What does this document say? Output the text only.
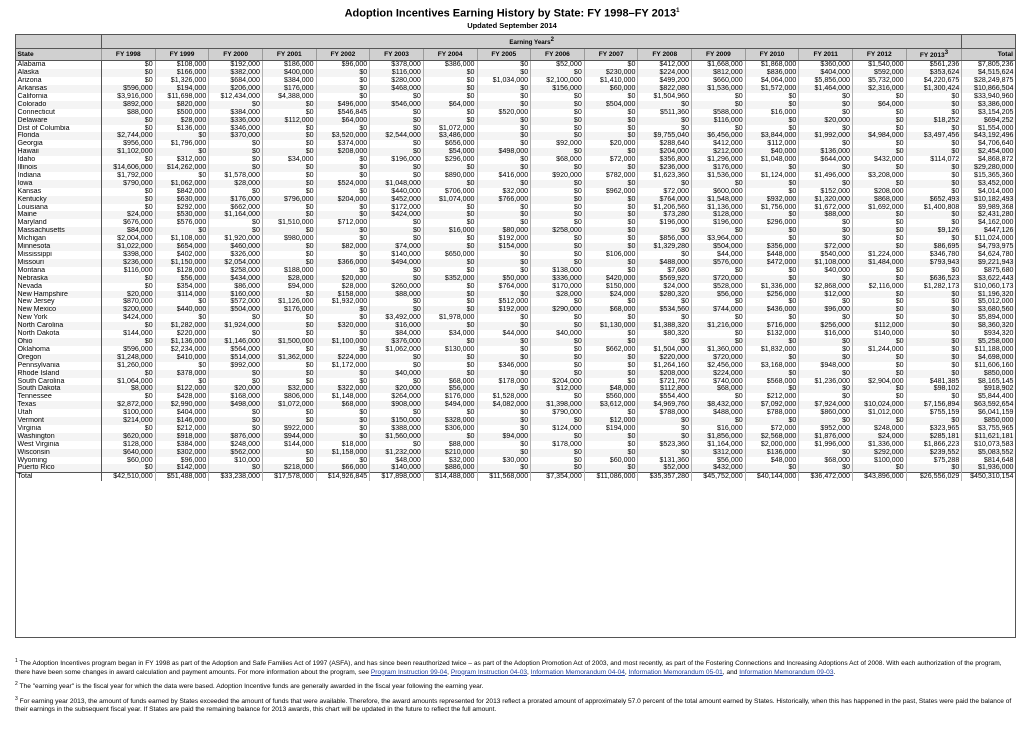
Adoption Incentives Earning History by State: FY 1998–FY 2013$^1$
Updated September 2014
	Earning Years$^2$	
State	FY 1998	FY 1999	FY 2000	FY 2001	FY 2002	FY 2003	FY 2004	FY 2005	FY 2006	FY 2007	FY 2008	FY 2009	FY 2010	FY 2011	FY 2012	FY 2013$^3$	Total
Alabama	$0	$108,000	$192,000	$186,000	$96,000	$378,000	$386,000	$0	$52,000	$0	$412,000	$1,668,000	$1,868,000	$360,000	$1,540,000	$561,236	$7,805,236
Alaska	$0	$166,000	$382,000	$400,000	$0	$116,000	$0	$0	$0	$230,000	$224,000	$812,000	$836,000	$404,000	$592,000	$353,624	$4,515,624
Arizona	$0	$1,326,000	$684,000	$384,000	$0	$280,000	$0	$1,034,000	$2,100,000	$1,410,000	$499,200	$660,000	$4,064,000	$5,856,000	$5,732,000	$4,220,675	$28,249,875
Arkansas	$596,000	$194,000	$206,000	$176,000	$0	$468,000	$0	$0	$156,000	$60,000	$822,080	$1,536,000	$1,572,000	$1,464,000	$2,316,000	$1,300,424	$10,866,504
California	$3,916,000	$11,698,000	$12,434,000	$4,388,000	$0	$0	$0	$0	$0	$0	$1,504,960	$0	$0	$0	$0	$0	$33,940,960
Colorado	$892,000	$820,000	$0	$0	$496,000	$546,000	$64,000	$0	$0	$504,000	$0	$0	$0	$0	$64,000	$0	$3,386,000
Connecticut	$88,000	$500,000	$384,000	$0	$546,845	$0	$0	$520,000	$0	$0	$511,360	$588,000	$16,000	$0	$0	$0	$3,154,205
Delaware	$0	$28,000	$336,000	$112,000	$64,000	$0	$0	$0	$0	$0	$0	$116,000	$0	$20,000	$0	$18,252	$694,252
Dist of Columbia	$0	$136,000	$346,000	$0	$0	$0	$1,072,000	$0	$0	$0	$0	$0	$0	$0	$0	$0	$1,554,000
Florida	$2,744,000	$0	$370,000	$0	$3,520,000	$2,544,000	$3,486,000	$0	$0	$0	$9,755,040	$6,456,000	$3,844,000	$1,992,000	$4,984,000	$3,497,456	$43,192,496
Georgia	$956,000	$1,796,000	$0	$0	$374,000	$0	$656,000	$0	$92,000	$20,000	$288,640	$412,000	$112,000	$0	$0	$0	$4,706,640
Hawaii	$1,102,000	$0	$0	$0	$208,000	$0	$54,000	$498,000	$0	$0	$204,000	$212,000	$40,000	$136,000	$0	$0	$2,454,000
Idaho	$0	$312,000	$0	$34,000	$0	$196,000	$296,000	$0	$68,000	$72,000	$356,800	$1,296,000	$1,048,000	$644,000	$432,000	$114,072	$4,868,872
Illinois	$14,606,000	$14,262,000	$0	$0	$0	$0	$0	$0	$0	$0	$236,000	$176,000	$0	$0	$0	$0	$29,280,000
Indiana	$1,792,000	$0	$1,578,000	$0	$0	$0	$890,000	$416,000	$920,000	$782,000	$1,623,360	$1,536,000	$1,124,000	$1,496,000	$3,208,000	$0	$15,365,360
Iowa	$790,000	$1,062,000	$28,000	$0	$524,000	$1,048,000	$0	$0	$0	$0	$0	$0	$0	$0	$0	$0	$3,452,000
Kansas	$0	$842,000	$0	$0	$0	$440,000	$706,000	$32,000	$0	$962,000	$72,000	$600,000	$0	$152,000	$208,000	$0	$4,014,000
Kentucky	$0	$630,000	$176,000	$796,000	$204,000	$452,000	$1,074,000	$766,000	$0	$0	$764,000	$1,548,000	$932,000	$1,320,000	$868,000	$652,493	$10,182,493
Louisiana	$0	$292,000	$662,000	$0	$0	$172,000	$0	$0	$0	$0	$1,206,560	$1,136,000	$1,756,000	$1,672,000	$1,692,000	$1,400,808	$9,989,368
Maine	$24,000	$530,000	$1,164,000	$0	$0	$424,000	$0	$0	$0	$0	$73,280	$128,000	$0	$88,000	$0	$0	$2,431,280
Maryland	$676,000	$576,000	$0	$1,510,000	$712,000	$0	$0	$0	$0	$0	$196,000	$196,000	$296,000	$0	$0	$0	$4,162,000
Massachusetts	$84,000	$0	$0	$0	$0	$0	$16,000	$80,000	$258,000	$0	$0	$0	$0	$0	$0	$9,126	$447,126
Michigan	$2,004,000	$1,108,000	$1,920,000	$980,000	$0	$0	$0	$192,000	$0	$0	$856,000	$3,964,000	$0	$0	$0	$0	$11,024,000
Minnesota	$1,022,000	$654,000	$460,000	$0	$82,000	$74,000	$0	$154,000	$0	$0	$1,329,280	$504,000	$356,000	$72,000	$0	$86,695	$4,793,975
Mississippi	$398,000	$402,000	$326,000	$0	$0	$140,000	$650,000	$0	$0	$106,000	$0	$44,000	$448,000	$540,000	$1,224,000	$346,780	$4,624,780
Missouri	$236,000	$1,150,000	$2,054,000	$0	$366,000	$494,000	$0	$0	$0	$0	$488,000	$576,000	$472,000	$1,108,000	$1,484,000	$793,943	$9,221,943
Montana	$116,000	$128,000	$258,000	$188,000	$0	$0	$0	$0	$138,000	$0	$7,680	$0	$0	$40,000	$0	$0	$875,680
Nebraska	$0	$56,000	$434,000	$28,000	$20,000	$0	$352,000	$50,000	$336,000	$420,000	$569,920	$720,000	$0	$0	$0	$636,523	$3,622,443
Nevada	$0	$354,000	$86,000	$94,000	$28,000	$260,000	$0	$764,000	$170,000	$150,000	$24,000	$528,000	$1,336,000	$2,868,000	$2,116,000	$1,282,173	$10,060,173
New Hampshire	$20,000	$114,000	$160,000	$0	$158,000	$88,000	$0	$0	$28,000	$24,000	$280,320	$56,000	$256,000	$12,000	$0	$0	$1,196,320
New Jersey	$870,000	$0	$572,000	$1,126,000	$1,932,000	$0	$0	$512,000	$0	$0	$0	$0	$0	$0	$0	$0	$5,012,000
New Mexico	$200,000	$440,000	$504,000	$176,000	$0	$0	$0	$192,000	$290,000	$68,000	$534,560	$744,000	$436,000	$96,000	$0	$0	$3,680,560
New York	$424,000	$0	$0	$0	$0	$3,492,000	$1,978,000	$0	$0	$0	$0	$0	$0	$0	$0	$0	$5,894,000
North Carolina	$0	$1,282,000	$1,924,000	$0	$320,000	$16,000	$0	$0	$0	$1,130,000	$1,388,320	$1,216,000	$716,000	$256,000	$112,000	$0	$8,360,320
North Dakota	$144,000	$220,000	$0	$0	$0	$84,000	$34,000	$44,000	$40,000	$0	$80,320	$0	$132,000	$16,000	$140,000	$0	$934,320
Ohio	$0	$1,136,000	$1,146,000	$1,500,000	$1,100,000	$376,000	$0	$0	$0	$0	$0	$0	$0	$0	$0	$0	$5,258,000
Oklahoma	$596,000	$2,234,000	$564,000	$0	$0	$1,062,000	$130,000	$0	$0	$662,000	$1,504,000	$1,360,000	$1,832,000	$0	$1,244,000	$0	$11,188,000
Oregon	$1,248,000	$410,000	$514,000	$1,362,000	$224,000	$0	$0	$0	$0	$0	$220,000	$720,000	$0	$0	$0	$0	$4,698,000
Pennsylvania	$1,260,000	$0	$992,000	$0	$1,172,000	$0	$0	$346,000	$0	$0	$1,264,160	$2,456,000	$3,168,000	$948,000	$0	$0	$11,606,160
Rhode Island	$0	$378,000	$0	$0	$0	$40,000	$0	$0	$0	$0	$208,000	$224,000	$0	$0	$0	$0	$850,000
South Carolina	$1,064,000	$0	$0	$0	$0	$0	$68,000	$178,000	$204,000	$0	$721,760	$740,000	$568,000	$1,236,000	$2,904,000	$481,385	$8,165,145
South Dakota	$8,000	$122,000	$20,000	$32,000	$322,000	$20,000	$56,000	$0	$12,000	$48,000	$112,800	$68,000	$0	$0	$0	$98,102	$918,902
Tennessee	$0	$428,000	$168,000	$806,000	$1,148,000	$264,000	$176,000	$1,528,000	$0	$560,000	$554,400	$0	$212,000	$0	$0	$0	$5,844,400
Texas	$2,872,000	$2,990,000	$498,000	$1,072,000	$68,000	$908,000	$494,000	$4,082,000	$1,398,000	$3,612,000	$4,969,760	$8,432,000	$7,092,000	$7,924,000	$10,024,000	$7,156,894	$63,592,654
Utah	$100,000	$404,000	$0	$0	$0	$0	$0	$0	$790,000	$0	$788,000	$488,000	$788,000	$860,000	$1,012,000	$755,159	$6,041,159
Vermont	$214,000	$146,000	$0	$0	$0	$150,000	$328,000	$0	$0	$12,000	$0	$0	$0	$0	$0	$0	$850,000
Virginia	$0	$212,000	$0	$922,000	$0	$388,000	$306,000	$0	$124,000	$194,000	$0	$16,000	$72,000	$952,000	$248,000	$323,965	$3,755,965
Washington	$620,000	$918,000	$876,000	$944,000	$0	$1,560,000	$0	$94,000	$0	$0	$0	$1,856,000	$2,568,000	$1,876,000	$24,000	$285,181	$11,621,181
West Virginia	$128,000	$384,000	$248,000	$144,000	$18,000	$0	$88,000	$0	$178,000	$0	$523,360	$1,164,000	$2,000,000	$1,996,000	$1,336,000	$1,866,223	$10,073,583
Wisconsin	$640,000	$302,000	$562,000	$0	$1,158,000	$1,232,000	$210,000	$0	$0	$0	$0	$312,000	$136,000	$0	$292,000	$239,552	$5,083,552
Wyoming	$60,000	$96,000	$10,000	$0	$0	$48,000	$32,000	$30,000	$0	$60,000	$131,360	$56,000	$48,000	$68,000	$100,000	$75,288	$814,648
Puerto Rico	$0	$142,000	$0	$218,000	$66,000	$140,000	$886,000	$0	$0	$0	$52,000	$432,000	$0	$0	$0	$0	$1,936,000
Total	$42,510,000	$51,488,000	$33,238,000	$17,578,000	$14,926,845	$17,898,000	$14,488,000	$11,568,000	$7,354,000	$11,086,000	$35,357,280	$45,752,000	$40,144,000	$36,472,000	$43,896,000	$26,556,029	$450,310,154

$^1$ The Adoption Incentives program began in FY 1998 as part of the Adoption and Safe Families Act of 1997 (ASFA), and has since been reauthorized twice – as part of the Adoption Promotion Act of 2003, and most recently, as part of the Fostering Connections and Increasing Adoptions Act of 2008. With each authorization of the program, there have been some changes in award calculation and payment amounts. For more information about the program, see Program Instruction 99-04, Program Instruction 04-03, Information Memorandum 04-04, Information Memorandum 05-01, and Information Memorandum 09-03.

$^2$ The "earning year" is the fiscal year for which the data were based. Adoption Incentive funds are generally awarded in the fiscal year following the earning year.

$^3$ For earning year 2013, the amount of funds earned by States exceeded the amount of funds that were available. Therefore, the award amounts represented for 2013 reflect a prorated amount of approximately 57.0 percent of the total amount earned by States. Historically, when this has happened in the past, States were paid the balance of their earnings in the subsequent fiscal year. If States are paid the remaining balance for 2013 awards, this chart will be updated in the future to reflect the full amount.
